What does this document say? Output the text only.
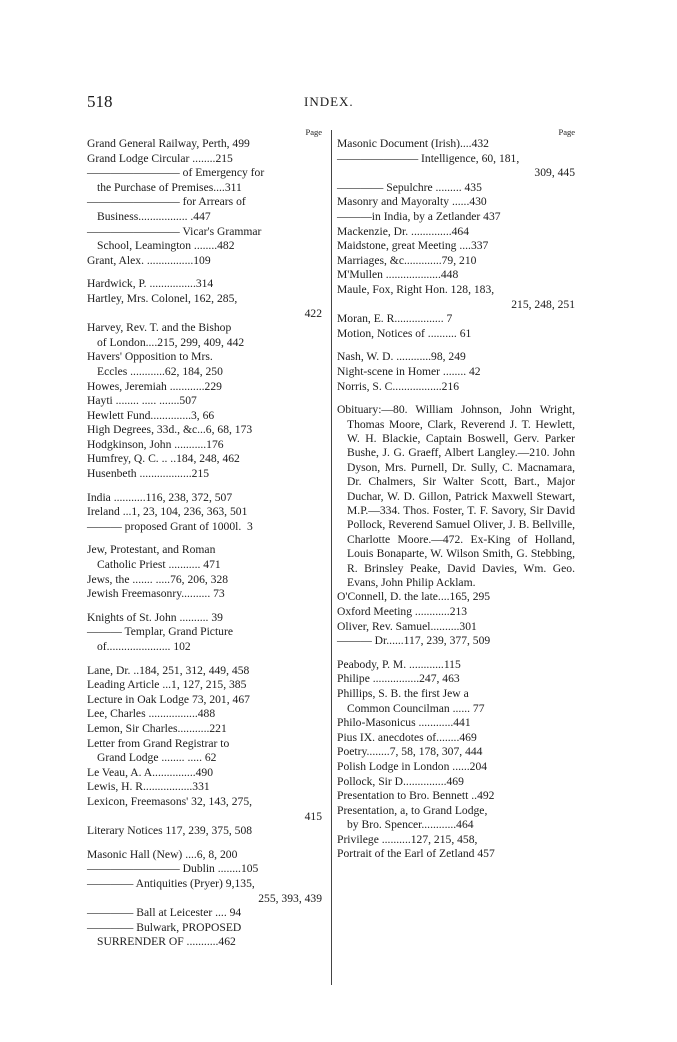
518	INDEX.
Page
Grand General Railway, Perth, 499
Grand Lodge Circular ........215
———————— of Emergency for
the Purchase of Premises....311
———————— for Arrears of
Business................. .447
———————— Vicar's Grammar
School, Leamington ........482
Grant, Alex. ................109
Hardwick, P. ................314
Hartley, Mrs. Colonel, 162, 285,
422
Harvey, Rev. T. and the Bishop
of London....215, 299, 409, 442
Havers' Opposition to Mrs.
Eccles ............62, 184, 250
Howes, Jeremiah ............229
Hayti ........ ..... .......507
Hewlett Fund..............3, 66
High Degrees, 33d., &c...6, 68, 173
Hodgkinson, John ...........176
Humfrey, Q. C. .. ..184, 248, 462
Husenbeth ..................215
India ...........116, 238, 372, 507
Ireland ...1, 23, 104, 236, 363, 501
——— proposed Grant of 1000l.  3
Jew, Protestant, and Roman
Catholic Priest ........... 471
Jews, the ....... .....76, 206, 328
Jewish Freemasonry.......... 73
Knights of St. John .......... 39
——— Templar, Grand Picture
of...................... 102
Lane, Dr. ..184, 251, 312, 449, 458
Leading Article ...1, 127, 215, 385
Lecture in Oak Lodge 73, 201, 467
Lee, Charles .................488
Lemon, Sir Charles...........221
Letter from Grand Registrar to
Grand Lodge ........ ..... 62
Le Veau, A. A...............490
Lewis, H. R.................331
Lexicon, Freemasons' 32, 143, 275,
415
Literary Notices 117, 239, 375, 508
Masonic Hall (New) ....6, 8, 200
———————— Dublin ........105
———— Antiquities (Pryer) 9,135,
255, 393, 439
———— Ball at Leicester .... 94
———— Bulwark, PROPOSED
SURRENDER OF ...........462
Page
Masonic Document (Irish)....432
——————— Intelligence, 60, 181,
309, 445
———— Sepulchre ......... 435
Masonry and Mayoralty ......430
———in India, by a Zetlander 437
Mackenzie, Dr. ..............464
Maidstone, great Meeting ....337
Marriages, &c.............79, 210
M'Mullen ...................448
Maule, Fox, Right Hon. 128, 183,
215, 248, 251
Moran, E. R................. 7
Motion, Notices of .......... 61
Nash, W. D. ............98, 249
Night-scene in Homer ........ 42
Norris, S. C.................216
Obituary:—80. William Johnson, John Wright, Thomas Moore, Clark, Reverend J. T. Hewlett, W. H. Blackie, Captain Boswell, Gerv. Parker Bushe, J. G. Graeff, Albert Langley.—210. John Dyson, Mrs. Purnell, Dr. Sully, C. Macnamara, Dr. Chalmers, Sir Walter Scott, Bart., Major Duchar, W. D. Gillon, Patrick Maxwell Stewart, M.P.—334. Thos. Foster, T. F. Savory, Sir David Pollock, Reverend Samuel Oliver, J. B. Bellville, Charlotte Moore.—472. Ex-King of Holland, Louis Bonaparte, W. Wilson Smith, G. Stebbing, R. Brinsley Peake, David Davies, Wm. Geo. Evans, John Philip Acklam.
O'Connell, D. the late....165, 295
Oxford Meeting ............213
Oliver, Rev. Samuel..........301
——— Dr......117, 239, 377, 509
Peabody, P. M. ............115
Philipe ................247, 463
Phillips, S. B. the first Jew a
Common Councilman ...... 77
Philo-Masonicus ............441
Pius IX. anecdotes of........469
Poetry........7, 58, 178, 307, 444
Polish Lodge in London ......204
Pollock, Sir D...............469
Presentation to Bro. Bennett ..492
Presentation, a, to Grand Lodge,
by Bro. Spencer............464
Privilege ..........127, 215, 458,
Portrait of the Earl of Zetland 457
